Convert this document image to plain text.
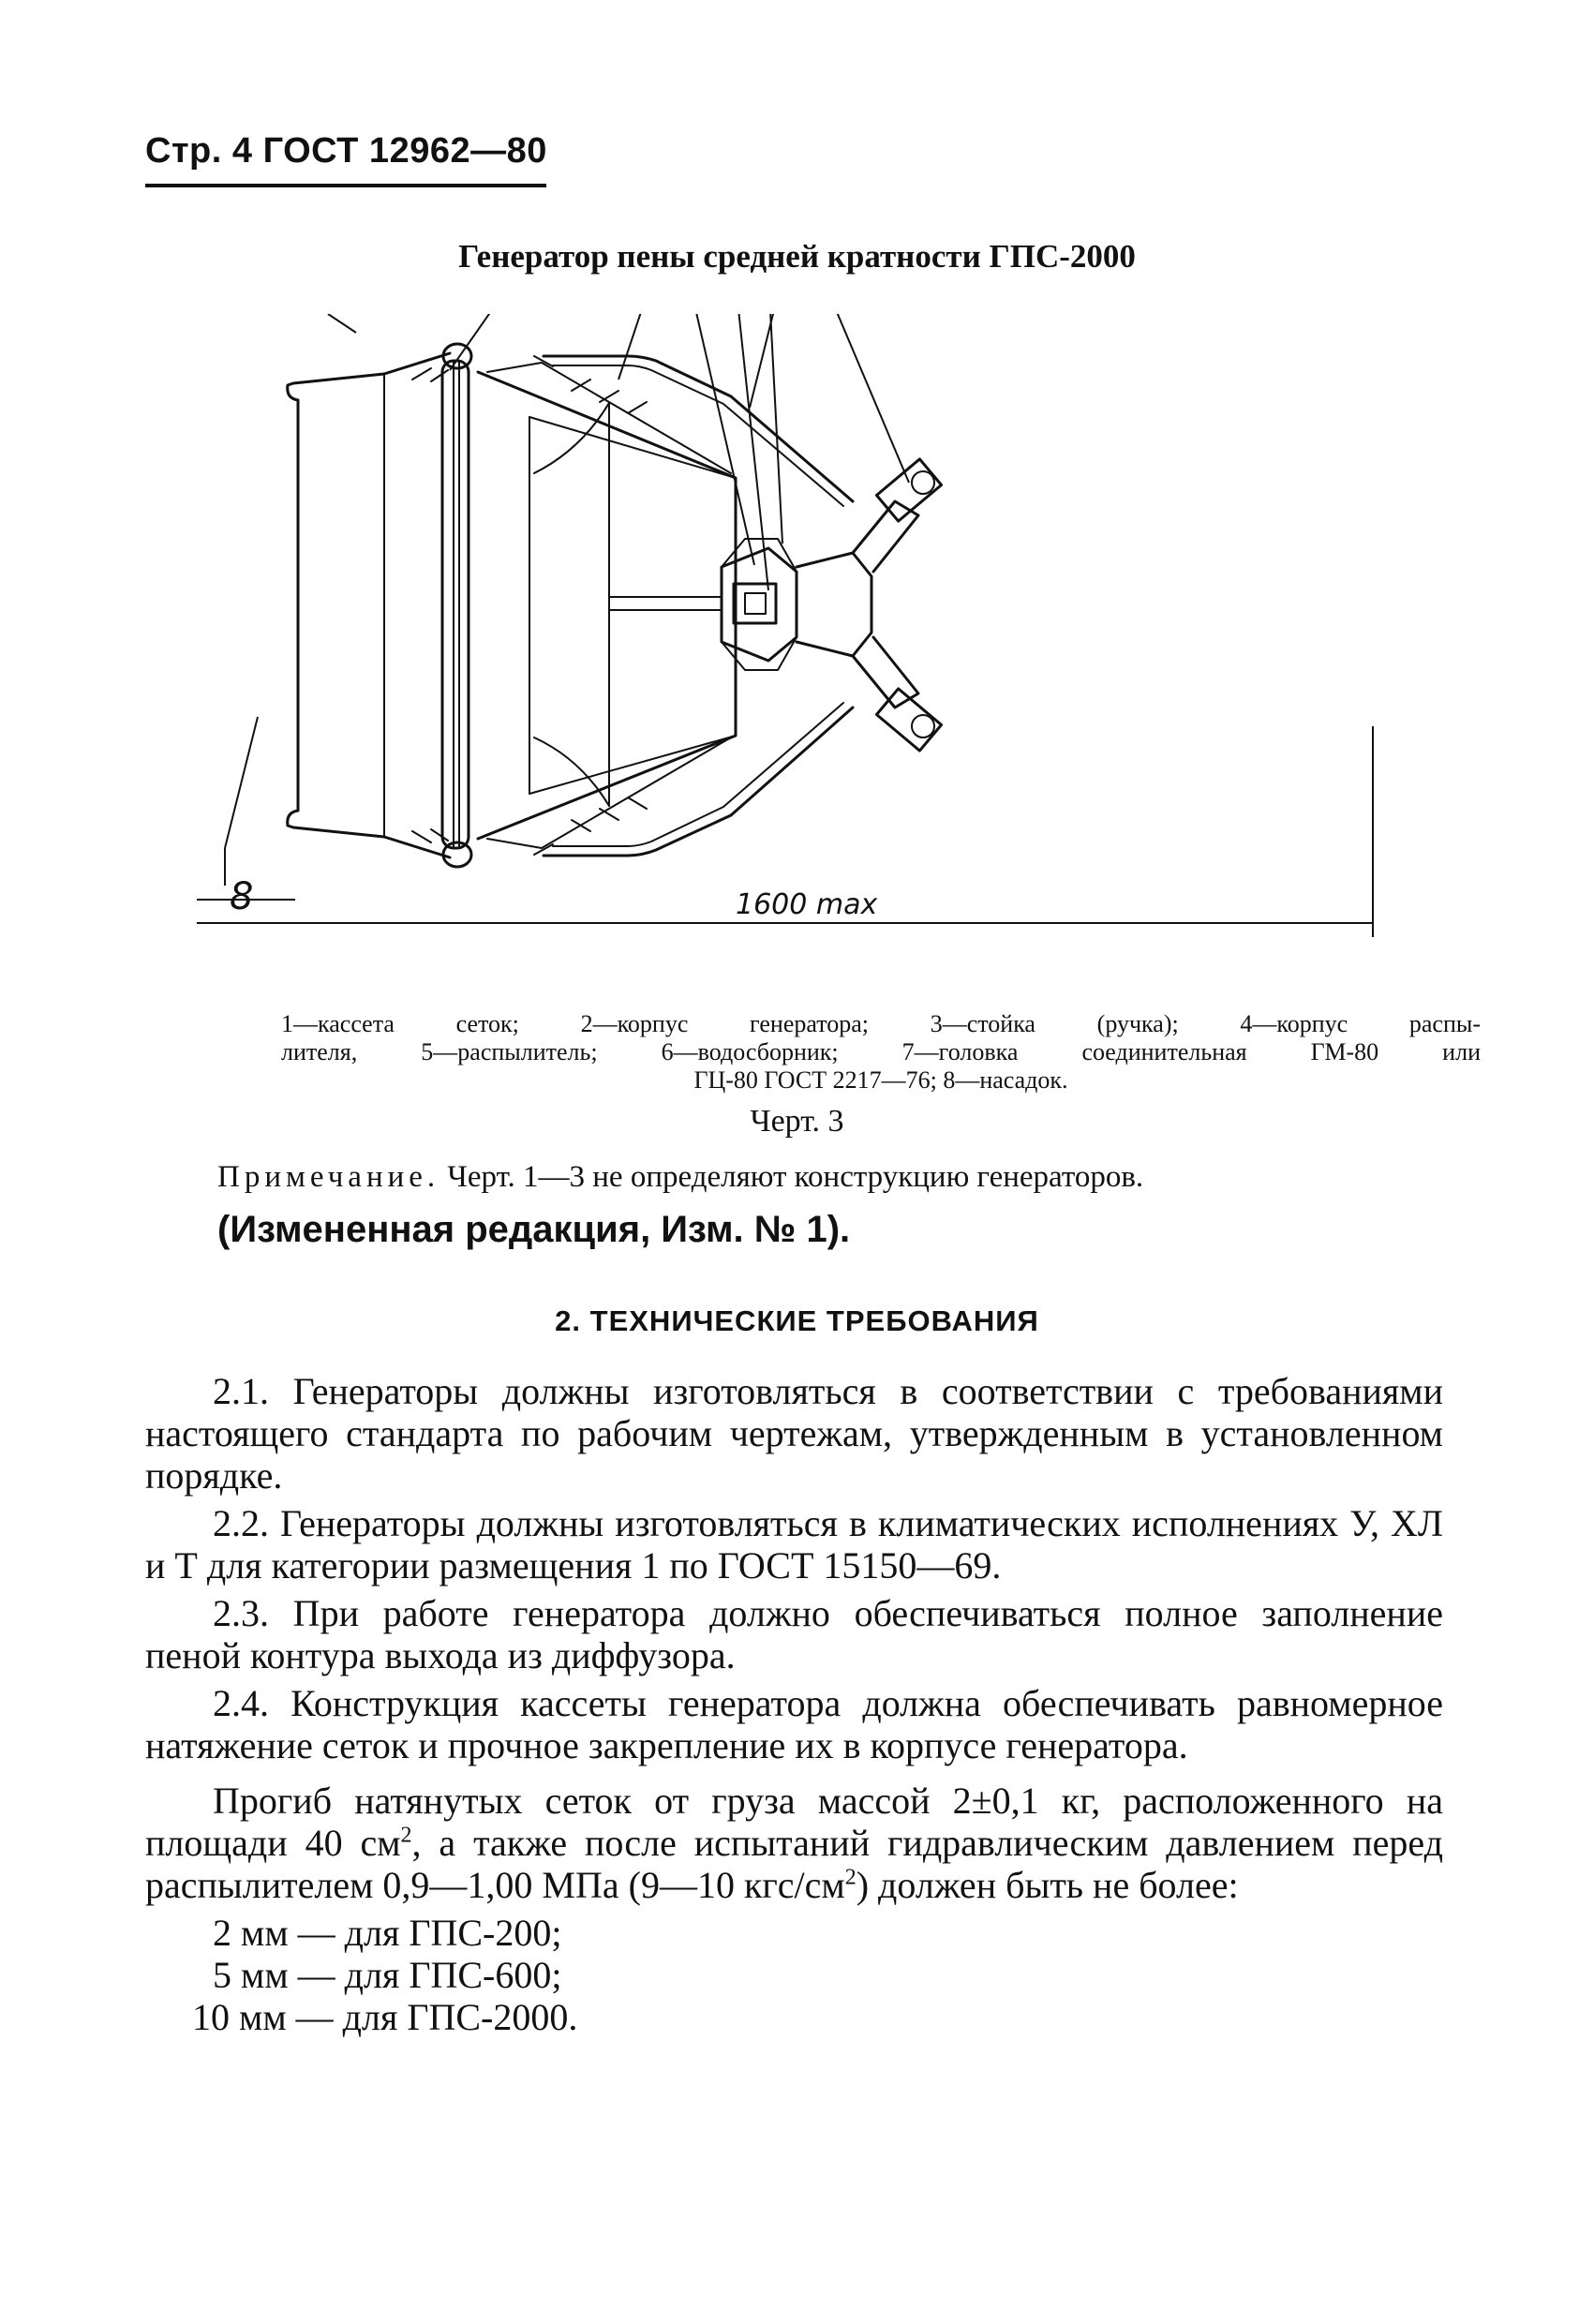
Стр. 4 ГОСТ 12962—80
Генератор пены средней кратности ГПС-2000
8	1600 max

1—кассета сеток; 2—корпус генератора; 3—стойка (ручка); 4—корпус распы-

лителя, 5—распылитель; 6—водосборник; 7—головка соединительная ГМ-80 или

ГЦ-80 ГОСТ 2217—76; 8—насадок.

Черт. 3
Примечание. Черт. 1—3 не определяют конструкцию генераторов.
(Измененная редакция, Изм. № 1).
2. ТЕХНИЧЕСКИЕ ТРЕБОВАНИЯ

2.1. Генераторы должны изготовляться в соответствии с требованиями настоящего стандарта по рабочим чертежам, утвержденным в установленном порядке.

2.2. Генераторы должны изготовляться в климатических исполнениях У, ХЛ и Т для категории размещения 1 по ГОСТ 15150—69.

2.3. При работе генератора должно обеспечиваться полное заполнение пеной контура выхода из диффузора.

2.4. Конструкция кассеты генератора должна обеспечивать равномерное натяжение сеток и прочное закрепление их в корпусе генератора.

Прогиб натянутых сеток от груза массой 2±0,1 кг, расположенного на площади 40 $см^2$, а также после испытаний гидравлическим давлением перед распылителем 0,9—1,00 МПа (9—10 кгс/$см^2$) должен быть не более:

2 мм — для ГПС-200;

5 мм — для ГПС-600;

10 мм — для ГПС-2000.
